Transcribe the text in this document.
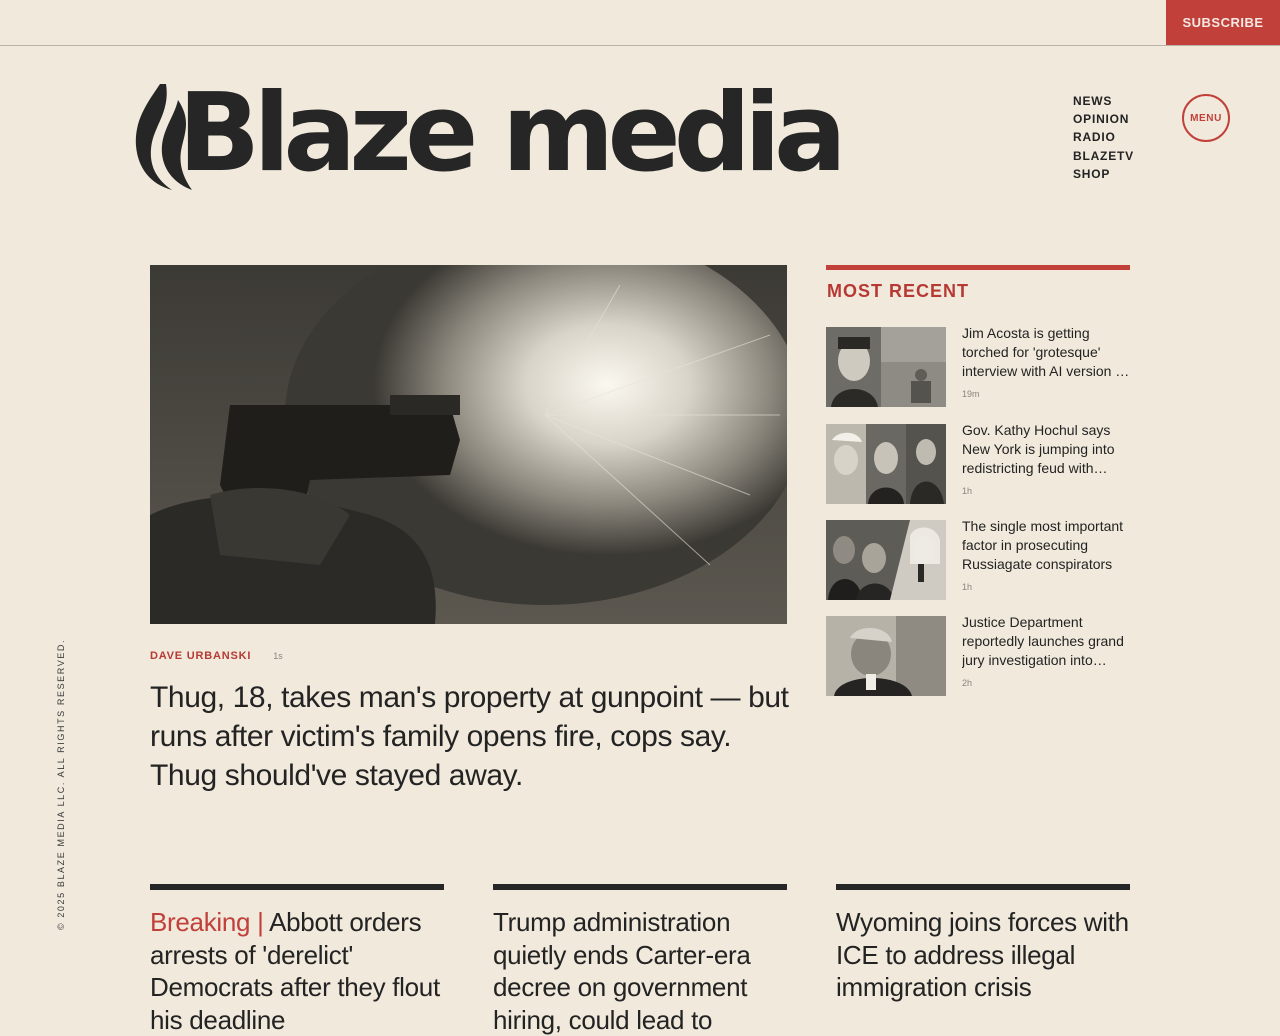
SUBSCRIBE
Blaze media	NEWS
OPINION
RADIO
BLAZETV
SHOP
MENU
© 2025 BLAZE MEDIA LLC. ALL RIGHTS RESERVED.	DAVE URBANSKI 1s
Thug, 18, takes man's property at gunpoint — but runs after victim's family opens fire, cops say. Thug should've stayed away.
MOST RECENT
Jim Acosta is getting torched for 'grotesque' interview with AI version of
19m
Gov. Kathy Hochul says New York is jumping into redistricting feud with
1h
The single most important factor in prosecuting Russiagate conspirators
1h
Justice Department reportedly launches grand jury investigation into
2h
Breaking | Abbott orders arrests of 'derelict' Democrats after they flout his deadline
Trump administration quietly ends Carter-era decree on government hiring, could lead to
Wyoming joins forces with ICE to address illegal immigration crisis
